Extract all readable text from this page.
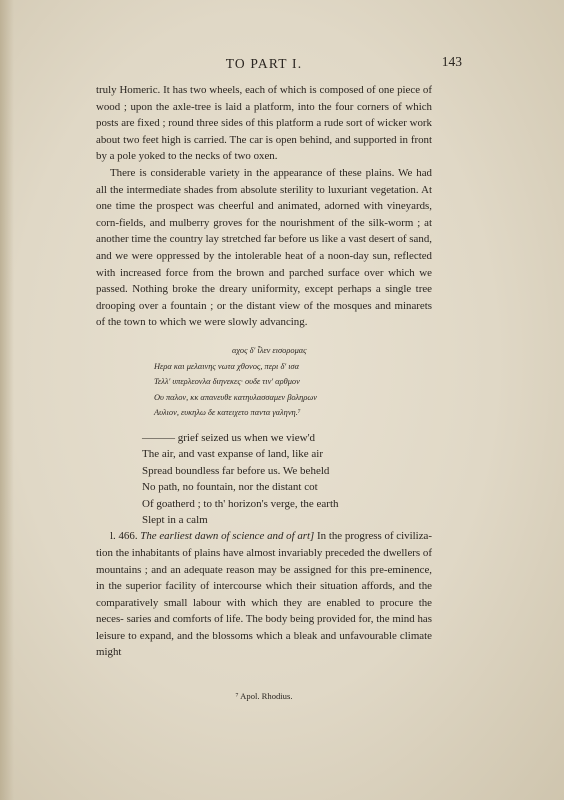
TO PART I.	143

truly Homeric. It has two wheels, each of which is composed of one piece of wood ; upon the axle-tree is laid a platform, into the four corners of which posts are fixed ; round three sides of this platform a rude sort of wicker work about two feet high is carried. The car is open behind, and supported in front by a pole yoked to the necks of two oxen.

There is considerable variety in the appearance of these plains. We had all the intermediate shades from absolute sterility to luxuriant vegetation. At one time the prospect was cheerful and animated, adorned with vineyards, corn-fields, and mulberry groves for the nourishment of the silk-worm ; at another time the country lay stretched far before us like a vast desert of sand, and we were oppressed by the intolerable heat of a noon-day sun, reflected with increased force from the brown and parched surface over which we passed. Nothing broke the dreary uniformity, except perhaps a single tree drooping over a fountain ; or the distant view of the mosques and minarets of the town to which we were slowly advancing.

αχος δ' ἶλεν εισορομας
Ηερα και μελαινης νωτα χθονος, περι δ' ισα
Τελλ' υπερλεονλα διηνεκες· ουδε τιν' αρθμον
Ου παλον, κκ απανευθε κατηυλασσαμεν βοληρων
Αυλιον, ευκηλω δε κατειχετο παντα γαληνη.⁷
——— grief seized us when we view'd
The air, and vast expanse of land, like air
Spread boundless far before us. We beheld
No path, no fountain, nor the distant cot
Of goatherd ; to th' horizon's verge, the earth
Slept in a calm

l. 466. The earliest dawn of science and of art] In the progress of civiliza- tion the inhabitants of plains have almost invariably preceded the dwellers of mountains ; and an adequate reason may be assigned for this pre-eminence, in the superior facility of intercourse which their situation affords, and the comparatively small labour with which they are enabled to procure the neces- saries and comforts of life. The body being provided for, the mind has leisure to expand, and the blossoms which a bleak and unfavourable climate might

⁷ Apol. Rhodius.
